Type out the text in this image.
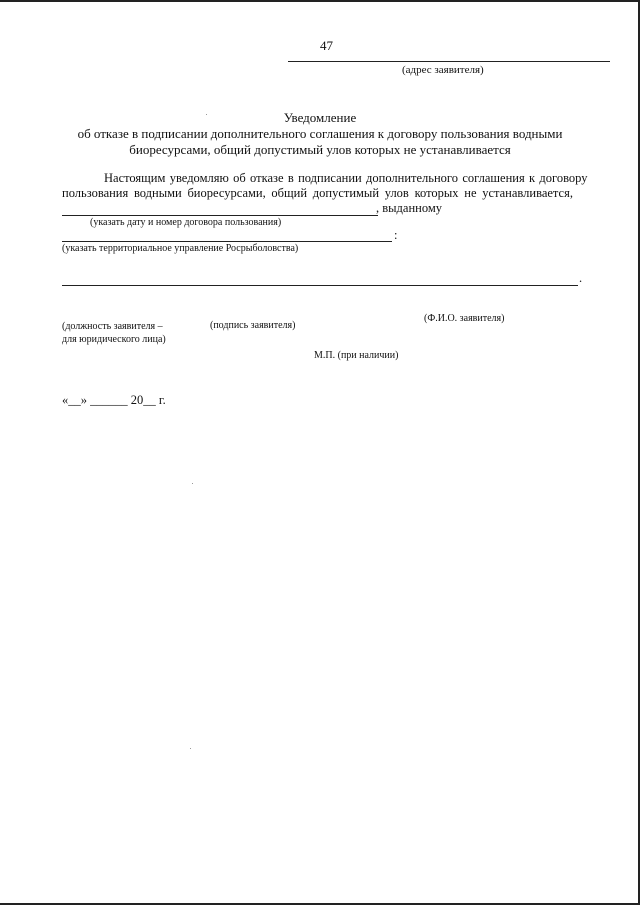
47
(адрес заявителя)
Уведомление
об отказе в подписании дополнительного соглашения к договору пользования водными
биоресурсами, общий допустимый улов которых не устанавливается
Настоящим уведомляю об отказе в подписании дополнительного соглашения к договору
пользования водными биоресурсами, общий допустимый улов которых не устанавливается,
, выданному
(указать дату и номер договора пользования)
:
(указать территориальное управление Росрыболовства)
.
(должность заявителя –
для юридического лица)
(подпись заявителя)
(Ф.И.О. заявителя)
М.П. (при наличии)
«__» ______ 20__ г.
